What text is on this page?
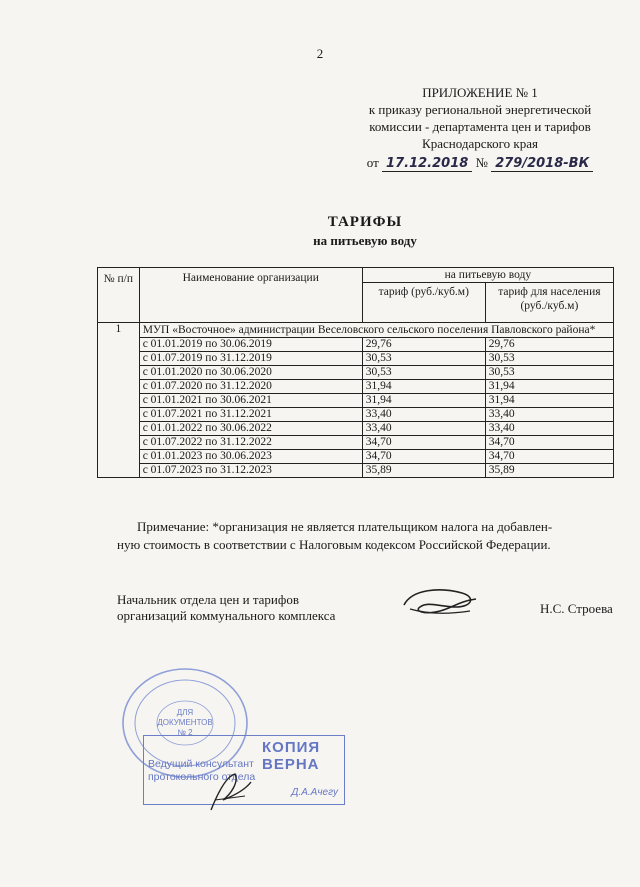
2
ПРИЛОЖЕНИЕ № 1
к приказу региональной энергетической
комиссии - департамента цен и тарифов
Краснодарского края
от 17.12.2018 № 279/2018-ВК
ТАРИФЫ
на питьевую воду
№ п/п	Наименование организации	на питьевую воду	
		тариф (руб./куб.м)	тариф для населения (руб./куб.м)
1	МУП «Восточное» администрации Веселовского сельского поселения Павловского района*		
	с 01.01.2019 по 30.06.2019	29,76	29,76
	с 01.07.2019 по 31.12.2019	30,53	30,53
	с 01.01.2020 по 30.06.2020	30,53	30,53
	с 01.07.2020 по 31.12.2020	31,94	31,94
	с 01.01.2021 по 30.06.2021	31,94	31,94
	с 01.07.2021 по 31.12.2021	33,40	33,40
	с 01.01.2022 по 30.06.2022	33,40	33,40
	с 01.07.2022 по 31.12.2022	34,70	34,70
	с 01.01.2023 по 30.06.2023	34,70	34,70
	с 01.07.2023 по 31.12.2023	35,89	35,89
Примечание: *организация не является плательщиком налога на добавлен-
ную стоимость в соответствии с Налоговым кодексом Российской Федерации.
Начальник отдела цен и тарифов
организаций коммунального комплекса	Н.С. Строева
ДЛЯ
ДОКУМЕНТОВ
№ 2
КОПИЯ ВЕРНА
Ведущий консультант
протокольного отдела
Д.А.Ачегу
